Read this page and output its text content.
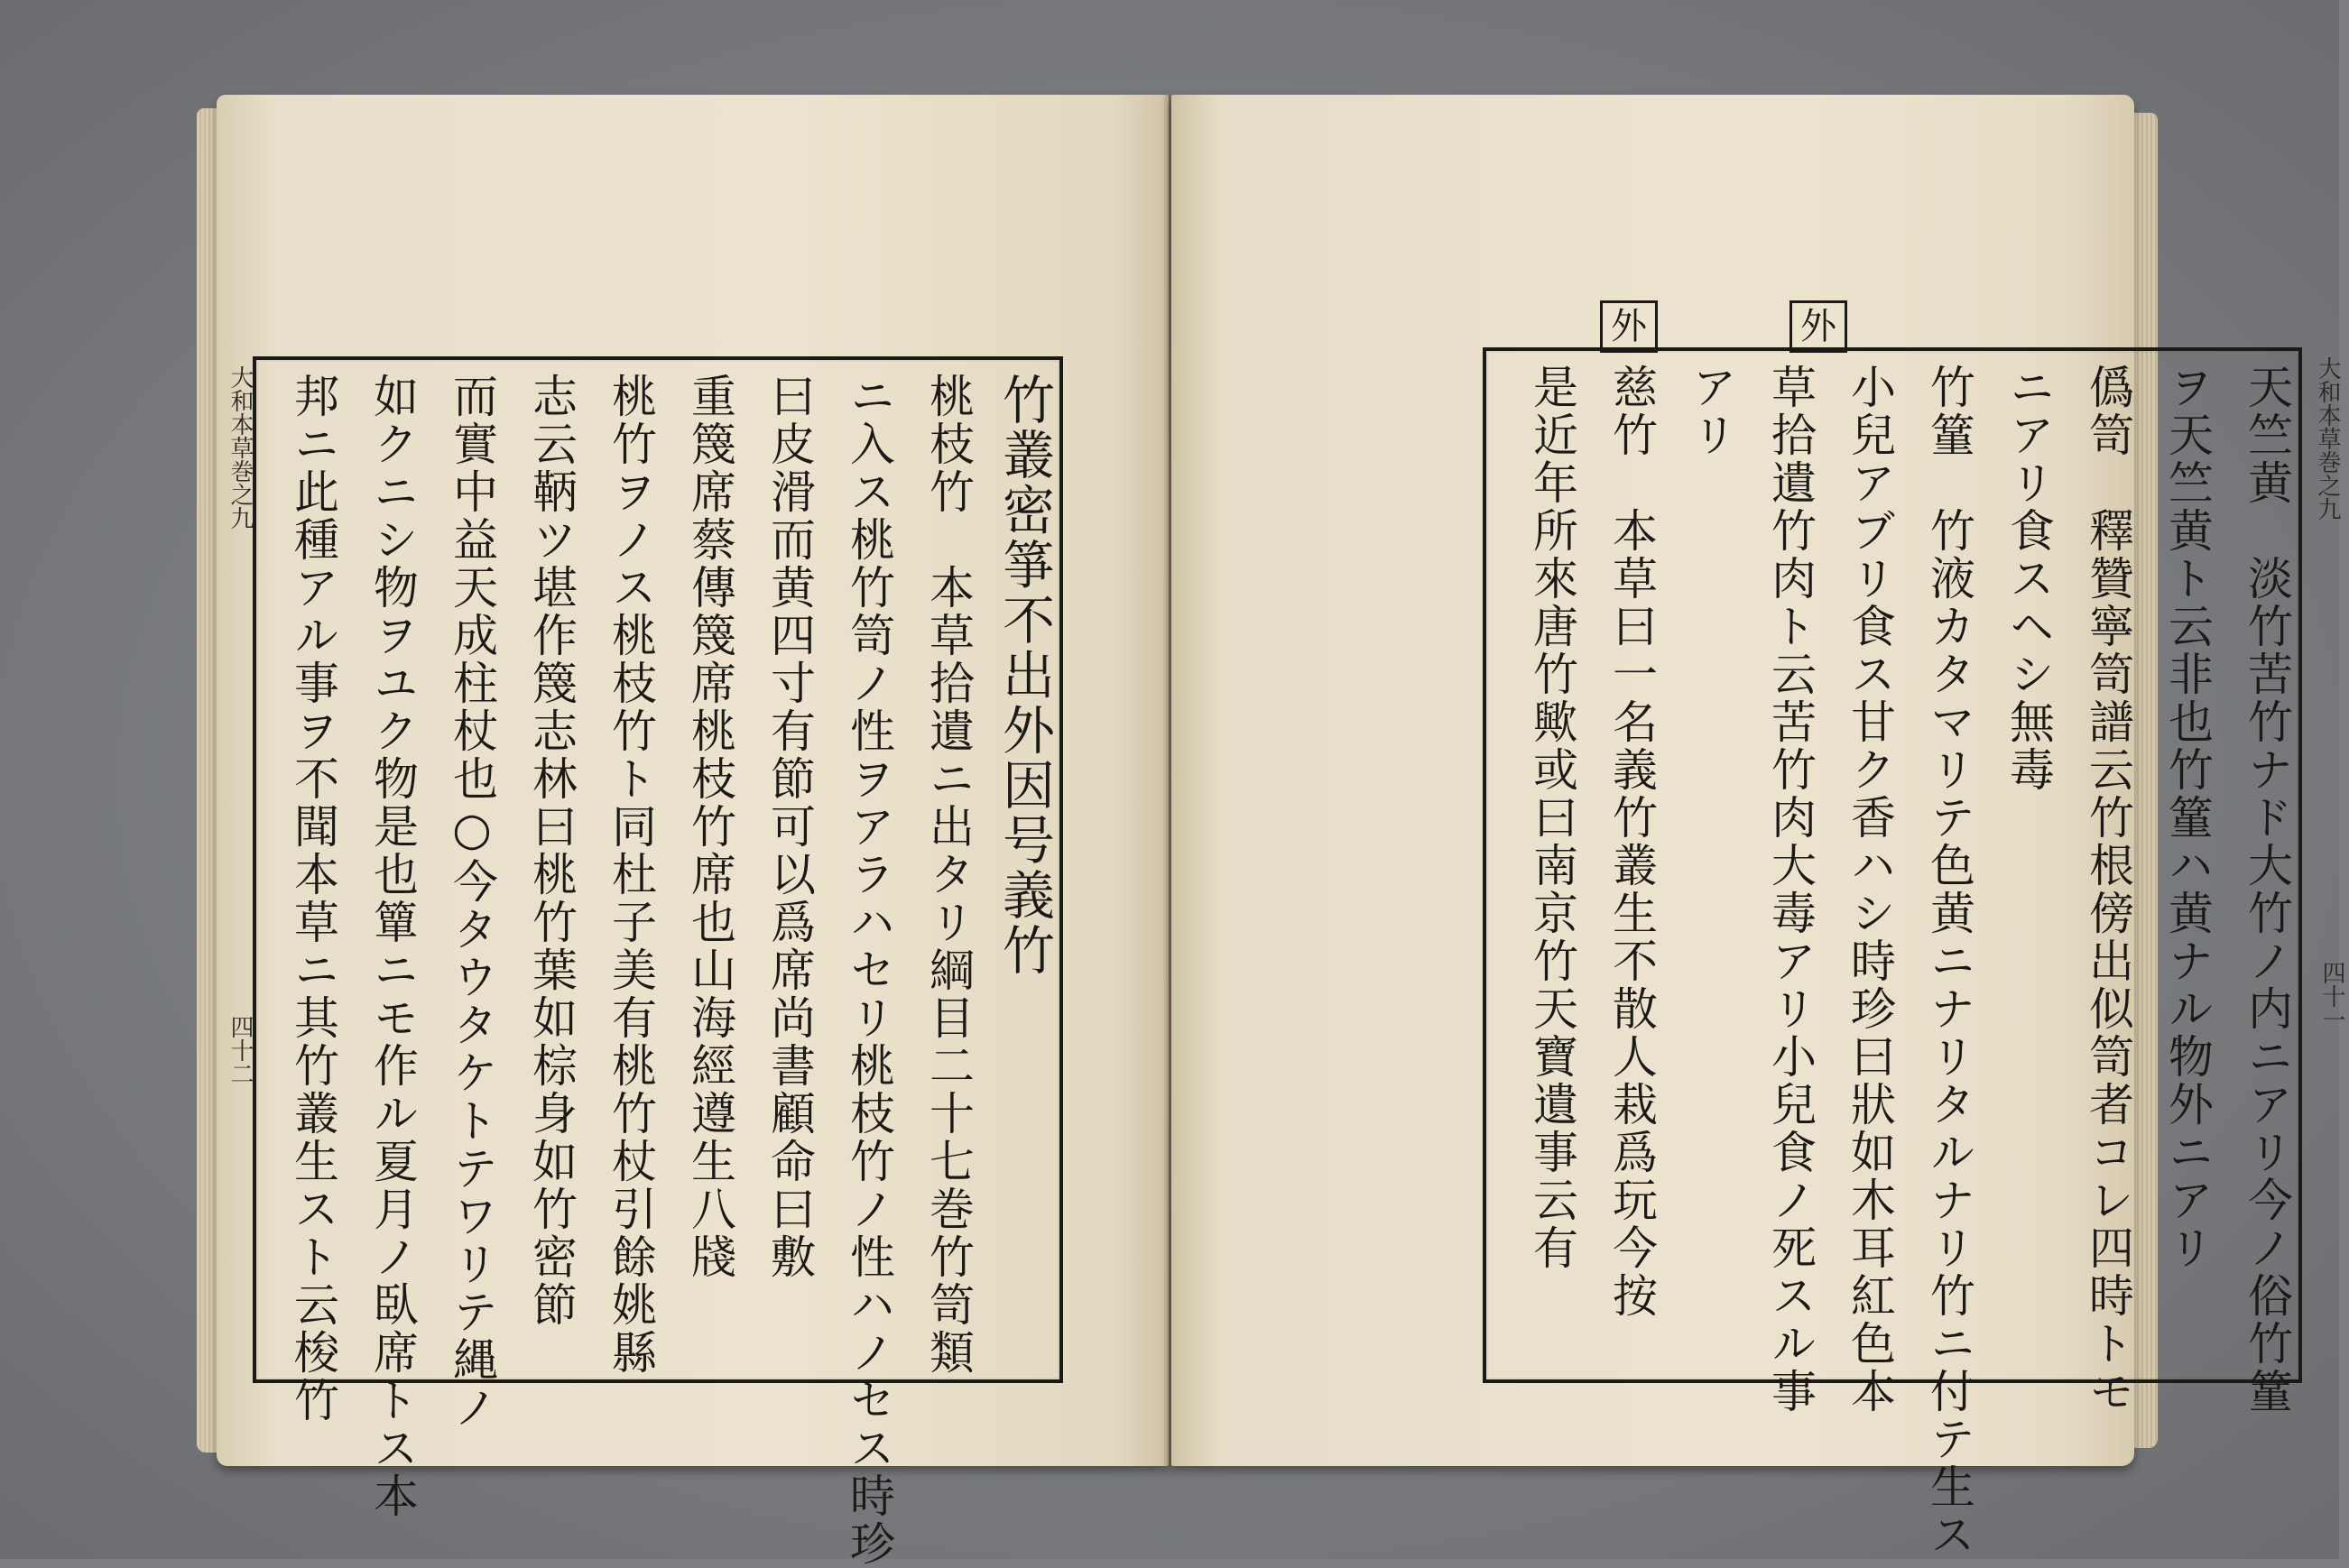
大和本草巻之九
四十二
竹叢密箏不出外因号義竹
桃枝竹　本草拾遺ニ出タリ綱目二十七巻竹笥類
ニ入ス桃竹笥ノ性ヲアラハセリ桃枝竹ノ性ハノセス時珍
曰皮滑而黄四寸有節可以爲席尚書顧命曰敷
重篾席蔡傳篾席桃枝竹席也山海經遵生八牋
桃竹ヲノス桃枝竹ト同杜子美有桃竹杖引餘姚縣
志云鞆ツ堪作篾志林曰桃竹葉如棕身如竹密節
而實中益天成柱杖也○今タウタケトテワリテ縄ノ
如クニシ物ヲユク物是也簞ニモ作ル夏月ノ臥席トス本
邦ニ此種アル事ヲ不聞本草ニ其竹叢生スト云梭竹
外	外
大和本草巻之九
四十一
天竺黄　淡竹苦竹ナド大竹ノ内ニアリ今ノ俗竹䈽
ヲ天竺黄ト云非也竹䈽ハ黄ナル物外ニアリ
僞笥　釋贊寧笥譜云竹根傍出似笥者コレ四時トモ
ニアリ食スヘシ無毒
竹䈽　竹液カタマリテ色黄ニナリタルナリ竹ニ付テ生ス
小兒アブリ食ス甘ク香ハシ時珍曰狀如木耳紅色本
草拾遺竹肉ト云苦竹肉大毒アリ小兒食ノ死スル事
アリ
慈竹　本草曰一名義竹叢生不散人栽爲玩今按
是近年所來唐竹歟或曰南京竹天寶遺事云有
